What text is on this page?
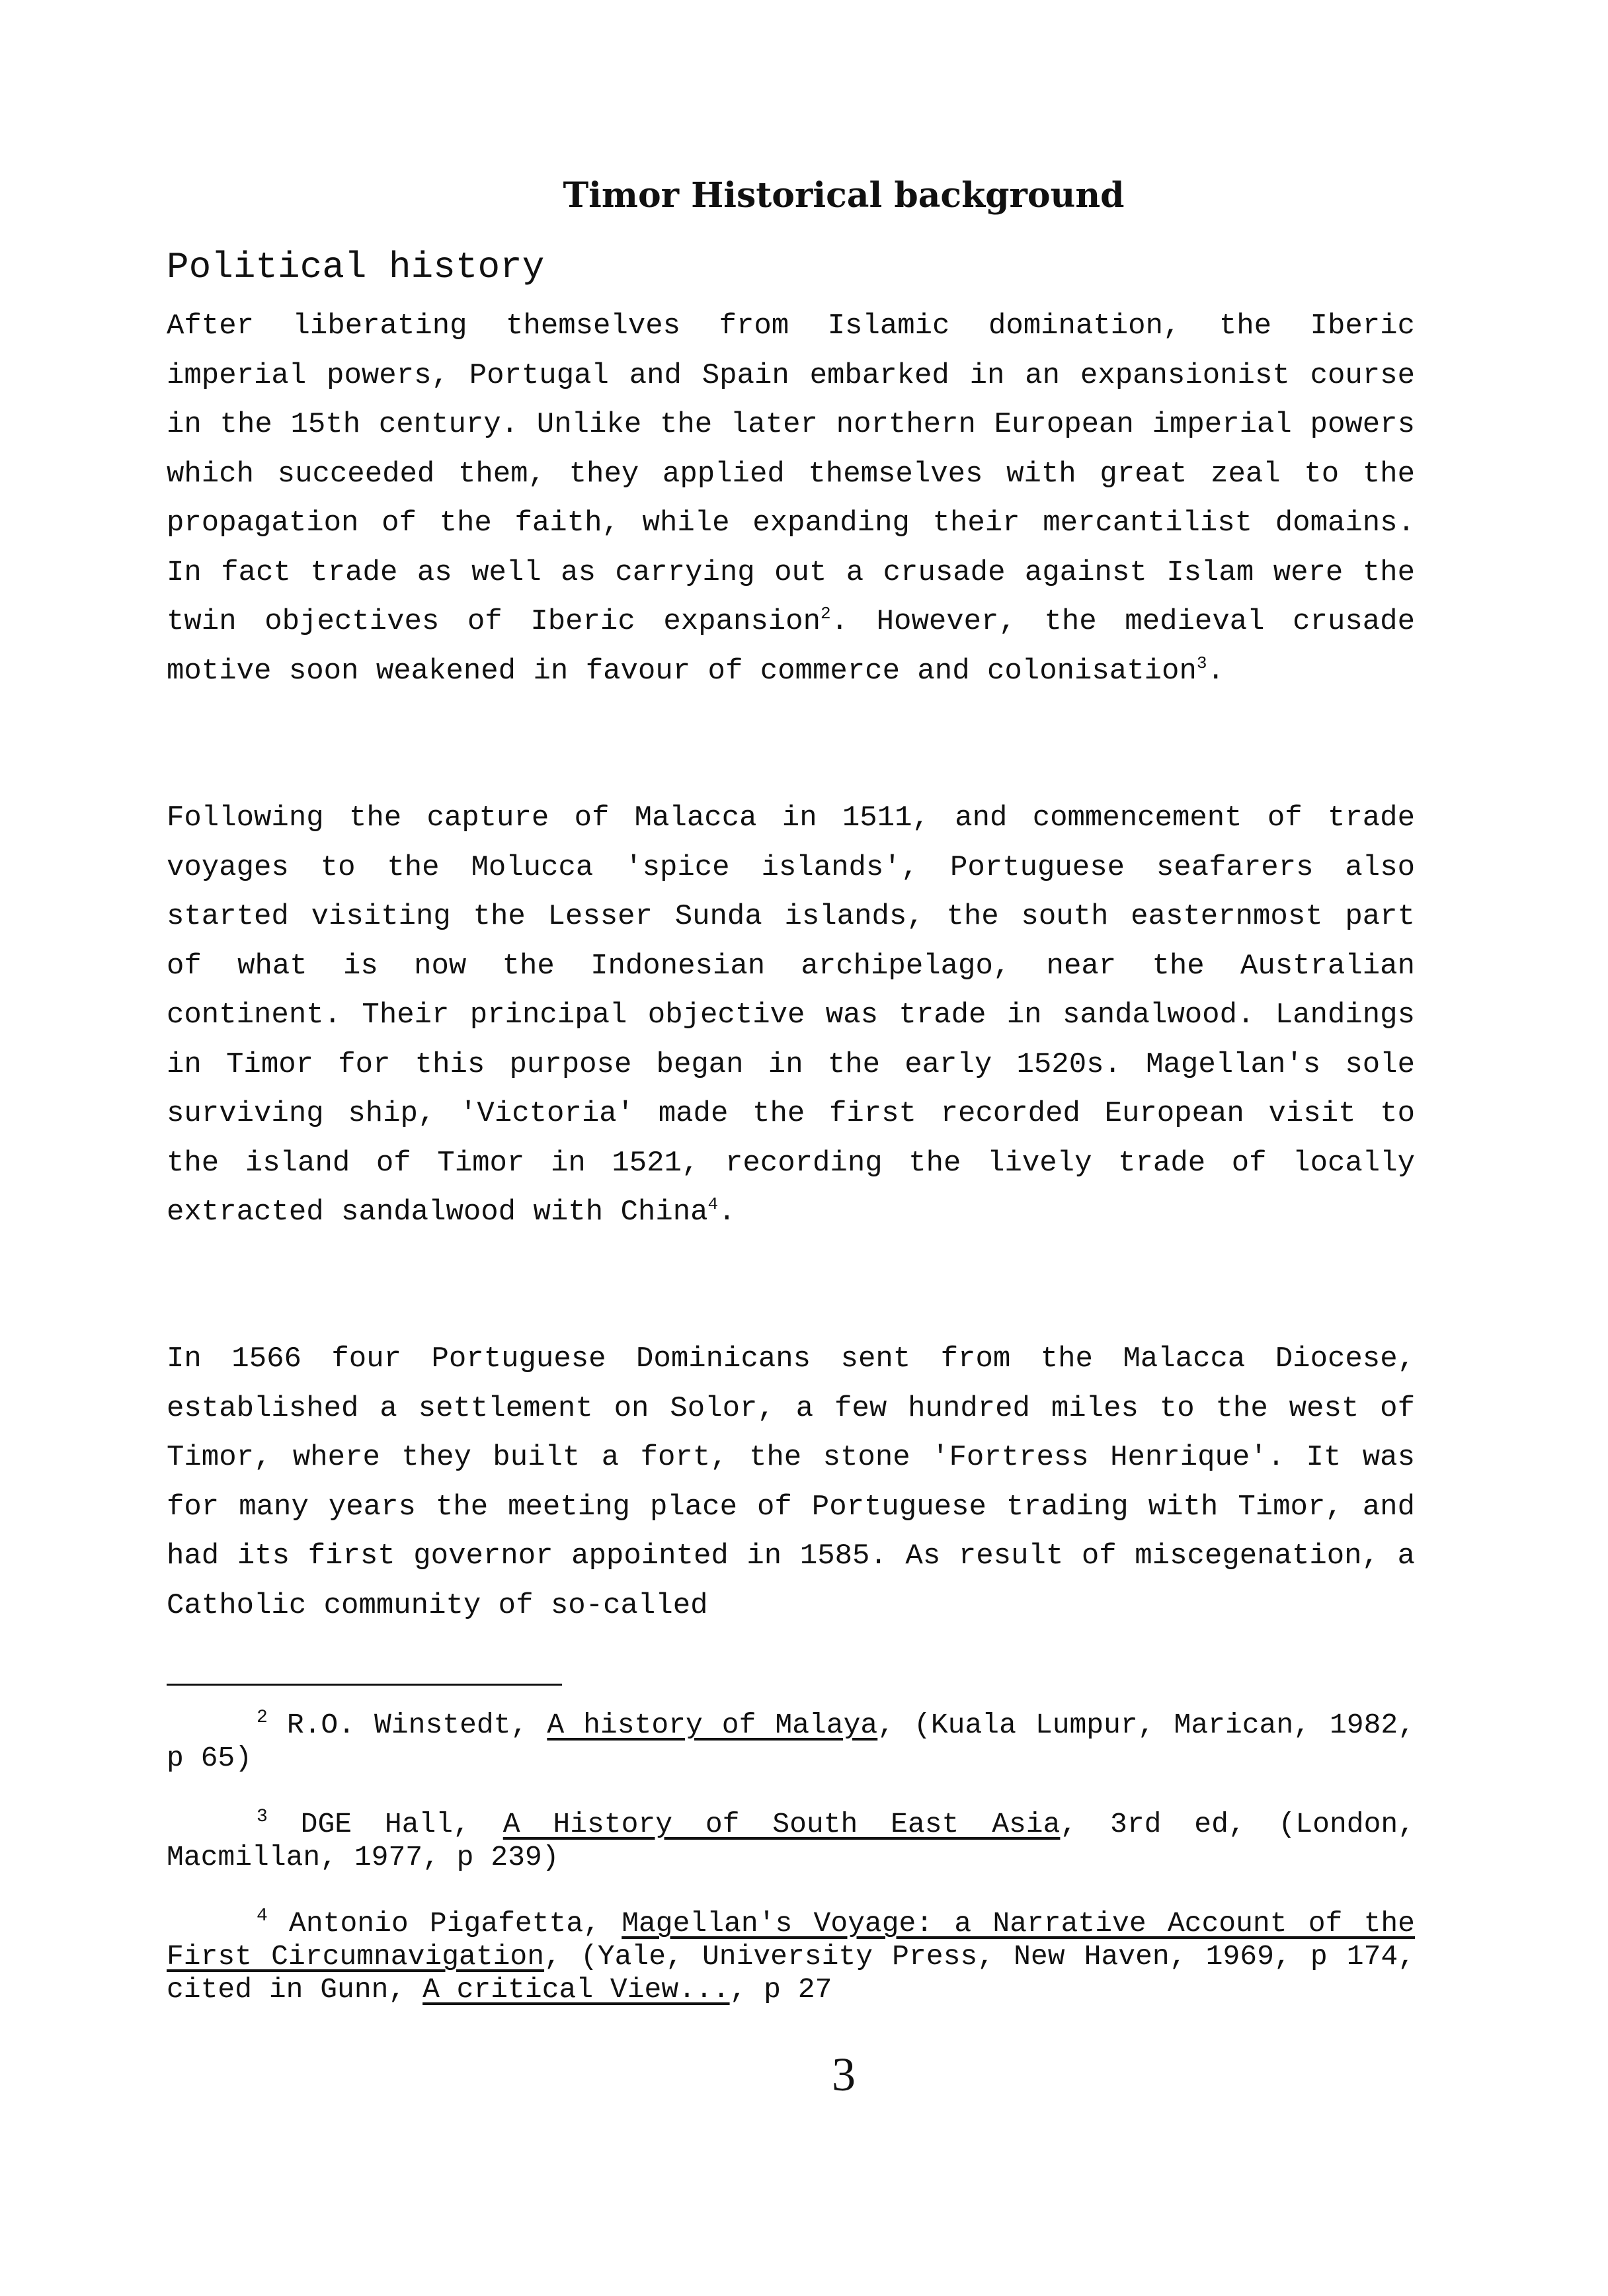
Timor Historical background
Political history

After liberating themselves from Islamic domination, the Iberic imperial powers, Portugal and Spain embarked in an expansionist course in the 15th century. Unlike the later northern European imperial powers which succeeded them, they applied themselves with great zeal to the propagation of the faith, while expanding their mercantilist domains. In fact trade as well as carrying out a crusade against Islam were the twin objectives of Iberic expansion$^2$. However, the medieval crusade motive soon weakened in favour of commerce and colonisation$^3$.

Following the capture of Malacca in 1511, and commencement of trade voyages to the Molucca 'spice islands', Portuguese seafarers also started visiting the Lesser Sunda islands, the south easternmost part of what is now the Indonesian archipelago, near the Australian continent. Their principal objective was trade in sandalwood. Landings in Timor for this purpose began in the early 1520s. Magellan's sole surviving ship, 'Victoria' made the first recorded European visit to the island of Timor in 1521, recording the lively trade of locally extracted sandalwood with China$^4$.

In 1566 four Portuguese Dominicans sent from the Malacca Diocese, established a settlement on Solor, a few hundred miles to the west of Timor, where they built a fort, the stone 'Fortress Henrique'. It was for many years the meeting place of Portuguese trading with Timor, and had its first governor appointed in 1585. As result of miscegenation, a Catholic community of so-called

$^2$ R.O. Winstedt, A history of Malaya, (Kuala Lumpur, Marican, 1982, p 65)

$^3$ DGE Hall, A History of South East Asia, 3rd ed, (London, Macmillan, 1977, p 239)

$^4$ Antonio Pigafetta, Magellan's Voyage: a Narrative Account of the First Circumnavigation, (Yale, University Press, New Haven, 1969, p 174, cited in Gunn, A critical View..., p 27

3
